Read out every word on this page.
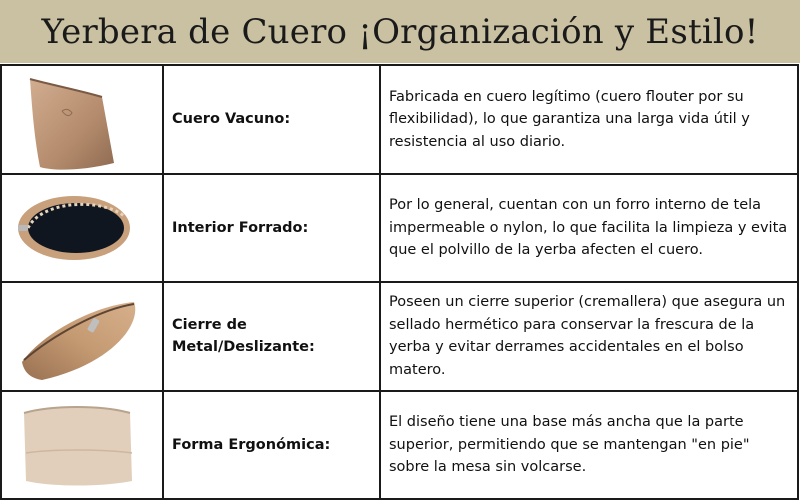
Yerbera de Cuero ¡Organización y Estilo!

Cuero Vacuno:	Fabricada en cuero legítimo (cuero flouter por su flexibilidad), lo que garantiza una larga vida útil y resistencia al uso diario.

Interior Forrado:	Por lo general, cuentan con un forro interno de tela impermeable o nylon, lo que facilita la limpieza y evita que el polvillo de la yerba afecten el cuero.

Cierre de Metal/Deslizante:	Poseen un cierre superior (cremallera) que asegura un sellado hermético para conservar la frescura de la yerba y evitar derrames accidentales en el bolso matero.

Forma Ergonómica:	El diseño tiene una base más ancha que la parte superior, permitiendo que se mantengan "en pie" sobre la mesa sin volcarse.
